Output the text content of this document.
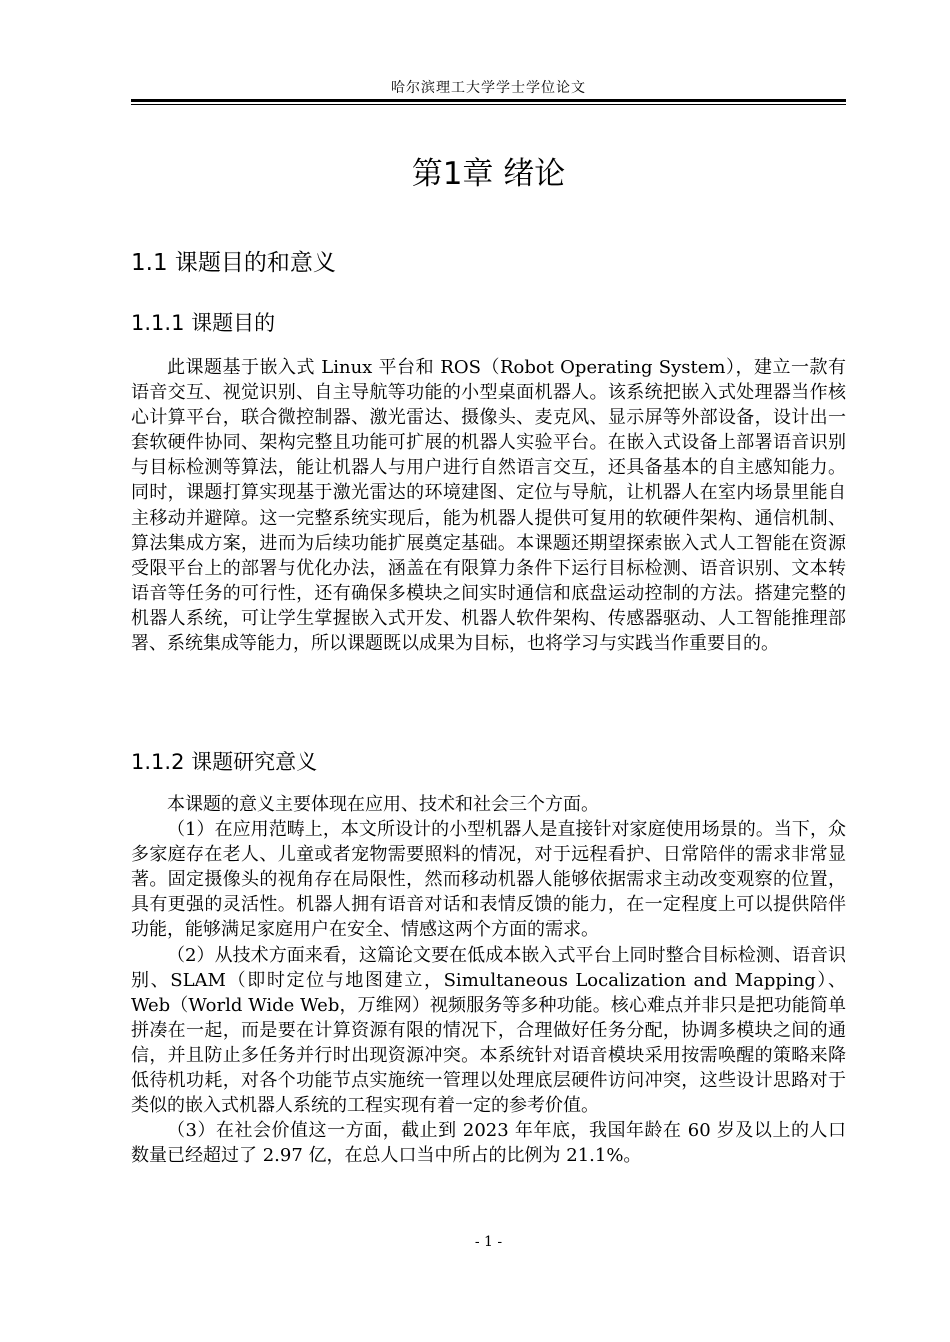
哈尔滨理工大学学士学位论文
第1章 绪论
1.1 课题目的和意义
1.1.1 课题目的

此课题基于嵌入式 Linux 平台和 ROS（Robot Operating System），建立一款有语音交互、视觉识别、自主导航等功能的小型桌面机器人。该系统把嵌入式处理器当作核心计算平台，联合微控制器、激光雷达、摄像头、麦克风、显示屏等外部设备，设计出一套软硬件协同、架构完整且功能可扩展的机器人实验平台。在嵌入式设备上部署语音识别与目标检测等算法，能让机器人与用户进行自然语言交互，还具备基本的自主感知能力。同时，课题打算实现基于激光雷达的环境建图、定位与导航，让机器人在室内场景里能自主移动并避障。这一完整系统实现后，能为机器人提供可复用的软硬件架构、通信机制、算法集成方案，进而为后续功能扩展奠定基础。本课题还期望探索嵌入式人工智能在资源受限平台上的部署与优化办法，涵盖在有限算力条件下运行目标检测、语音识别、文本转语音等任务的可行性，还有确保多模块之间实时通信和底盘运动控制的方法。搭建完整的机器人系统，可让学生掌握嵌入式开发、机器人软件架构、传感器驱动、人工智能推理部署、系统集成等能力，所以课题既以成果为目标，也将学习与实践当作重要目的。

1.1.2 课题研究意义

本课题的意义主要体现在应用、技术和社会三个方面。

（1）在应用范畴上，本文所设计的小型机器人是直接针对家庭使用场景的。当下，众多家庭存在老人、儿童或者宠物需要照料的情况，对于远程看护、日常陪伴的需求非常显著。固定摄像头的视角存在局限性，然而移动机器人能够依据需求主动改变观察的位置，具有更强的灵活性。机器人拥有语音对话和表情反馈的能力，在一定程度上可以提供陪伴功能，能够满足家庭用户在安全、情感这两个方面的需求。

（2）从技术方面来看，这篇论文要在低成本嵌入式平台上同时整合目标检测、语音识别、SLAM（即时定位与地图建立，Simultaneous Localization and Mapping）、Web（World Wide Web，万维网）视频服务等多种功能。核心难点并非只是把功能简单拼凑在一起，而是要在计算资源有限的情况下，合理做好任务分配，协调多模块之间的通信，并且防止多任务并行时出现资源冲突。本系统针对语音模块采用按需唤醒的策略来降低待机功耗，对各个功能节点实施统一管理以处理底层硬件访问冲突，这些设计思路对于类似的嵌入式机器人系统的工程实现有着一定的参考价值。

（3）在社会价值这一方面，截止到 2023 年年底，我国年龄在 60 岁及以上的人口数量已经超过了 2.97 亿，在总人口当中所占的比例为 21.1%。

- 1 -
